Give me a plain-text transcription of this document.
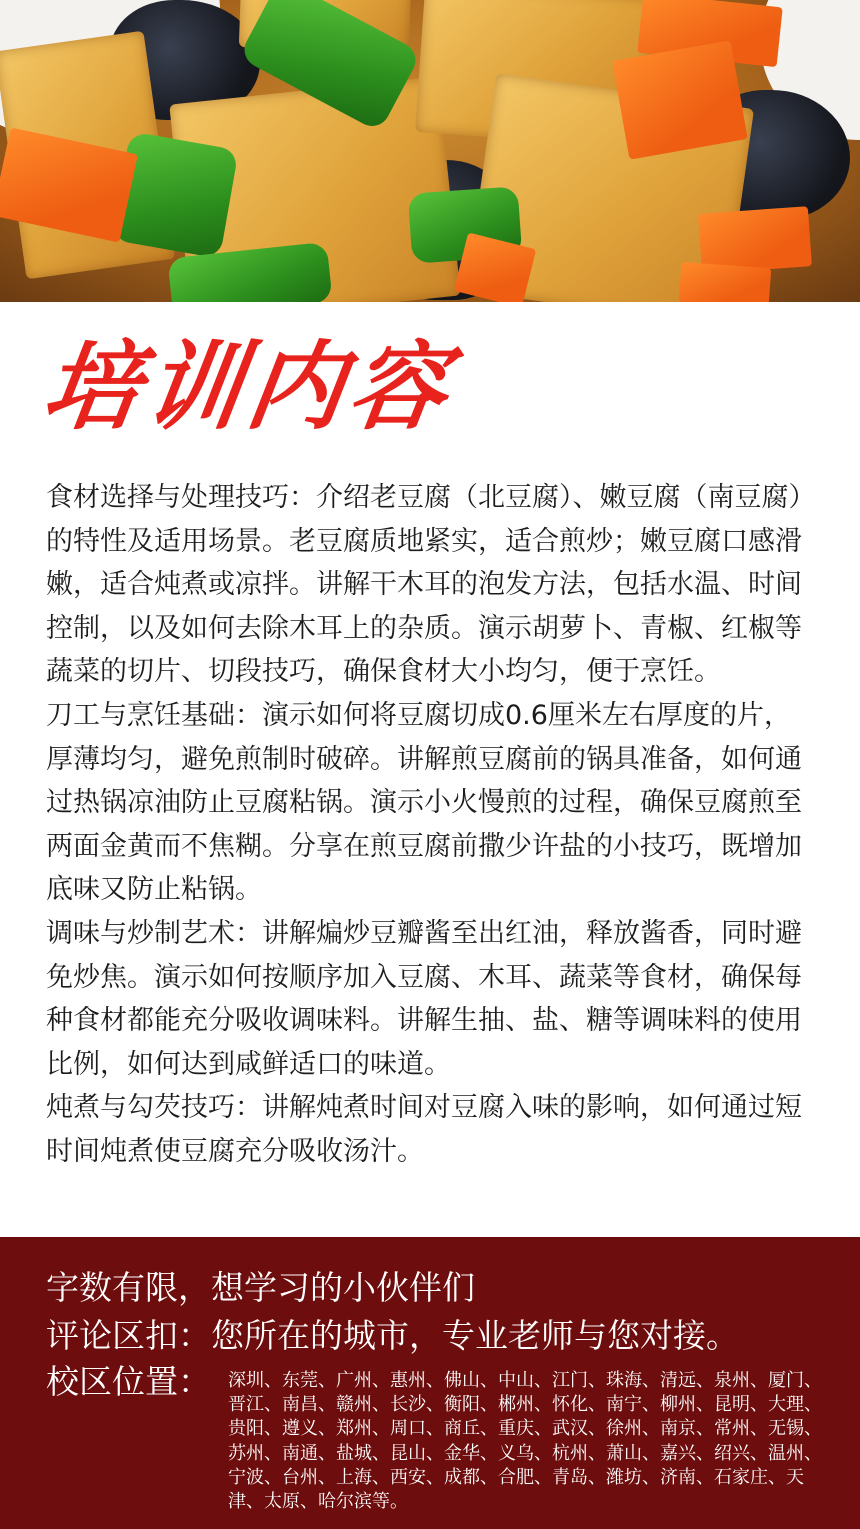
培训内容

食材选择与处理技巧：介绍老豆腐（北豆腐）、嫩豆腐（南豆腐）的特性及适用场景。老豆腐质地紧实，适合煎炒；嫩豆腐口感滑嫩，适合炖煮或凉拌。讲解干木耳的泡发方法，包括水温、时间控制，以及如何去除木耳上的杂质。演示胡萝卜、青椒、红椒等蔬菜的切片、切段技巧，确保食材大小均匀，便于烹饪。

刀工与烹饪基础：演示如何将豆腐切成0.6厘米左右厚度的片，厚薄均匀，避免煎制时破碎。讲解煎豆腐前的锅具准备，如何通过热锅凉油防止豆腐粘锅。演示小火慢煎的过程，确保豆腐煎至两面金黄而不焦糊。分享在煎豆腐前撒少许盐的小技巧，既增加底味又防止粘锅。

调味与炒制艺术：讲解煸炒豆瓣酱至出红油，释放酱香，同时避免炒焦。演示如何按顺序加入豆腐、木耳、蔬菜等食材，确保每种食材都能充分吸收调味料。讲解生抽、盐、糖等调味料的使用比例，如何达到咸鲜适口的味道。

炖煮与勾芡技巧：讲解炖煮时间对豆腐入味的影响，如何通过短时间炖煮使豆腐充分吸收汤汁。

字数有限，想学习的小伙伴们
评论区扣：您所在的城市，专业老师与您对接。
校区位置： 深圳、东莞、广州、惠州、佛山、中山、江门、珠海、清远、泉州、厦门、晋江、南昌、赣州、长沙、衡阳、郴州、怀化、南宁、柳州、昆明、大理、贵阳、遵义、郑州、周口、商丘、重庆、武汉、徐州、南京、常州、无锡、苏州、南通、盐城、昆山、金华、义乌、杭州、萧山、嘉兴、绍兴、温州、宁波、台州、上海、西安、成都、合肥、青岛、潍坊、济南、石家庄、天津、太原、哈尔滨等。
